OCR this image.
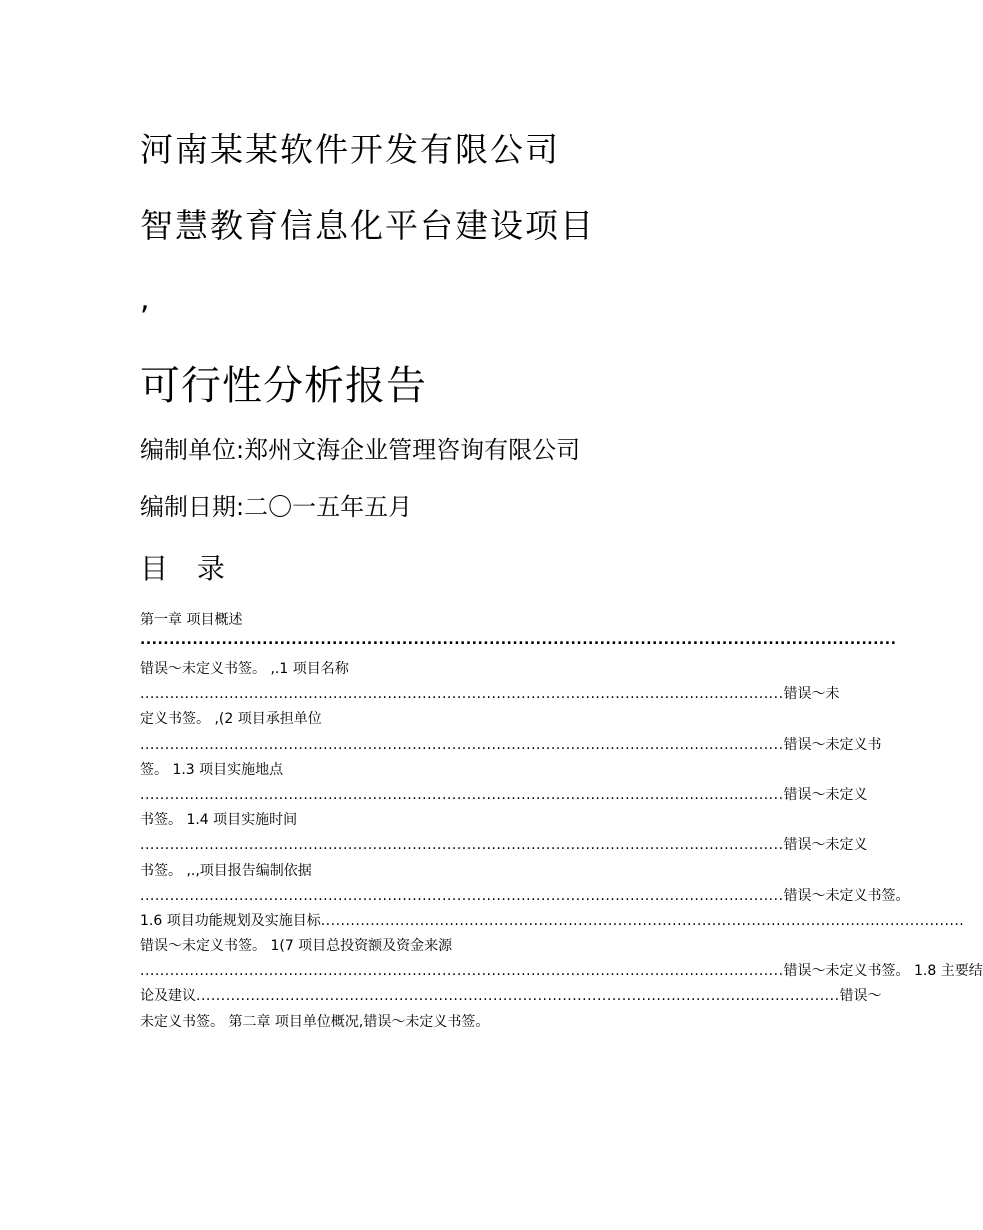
河南某某软件开发有限公司
智慧教育信息化平台建设项目
,
可行性分析报告
编制单位:郑州文海企业管理咨询有限公司
编制日期:二〇一五年五月
目 录
第一章 项目概述
..................................................................................................................................
错误～未定义书签。 ,.1 项目名称
.................................................................................................................................. 错误～未
定义书签。 ,(2 项目承担单位
.................................................................................................................................. 错误～未定义书
签。 1.3 项目实施地点
.................................................................................................................................. 错误～未定义
书签。 1.4 项目实施时间
.................................................................................................................................. 错误～未定义
书签。 ,.,项目报告编制依据
.................................................................................................................................. 错误～未定义书签。
1.6 项目功能规划及实施目标 ..................................................................................................................................
错误～未定义书签。 1(7 项目总投资额及资金来源
.................................................................................................................................. 错误～未定义书签。 1.8 主要结
论及建议 .................................................................................................................................. 错误～
未定义书签。 第二章 项目单位概况,错误～未定义书签。
